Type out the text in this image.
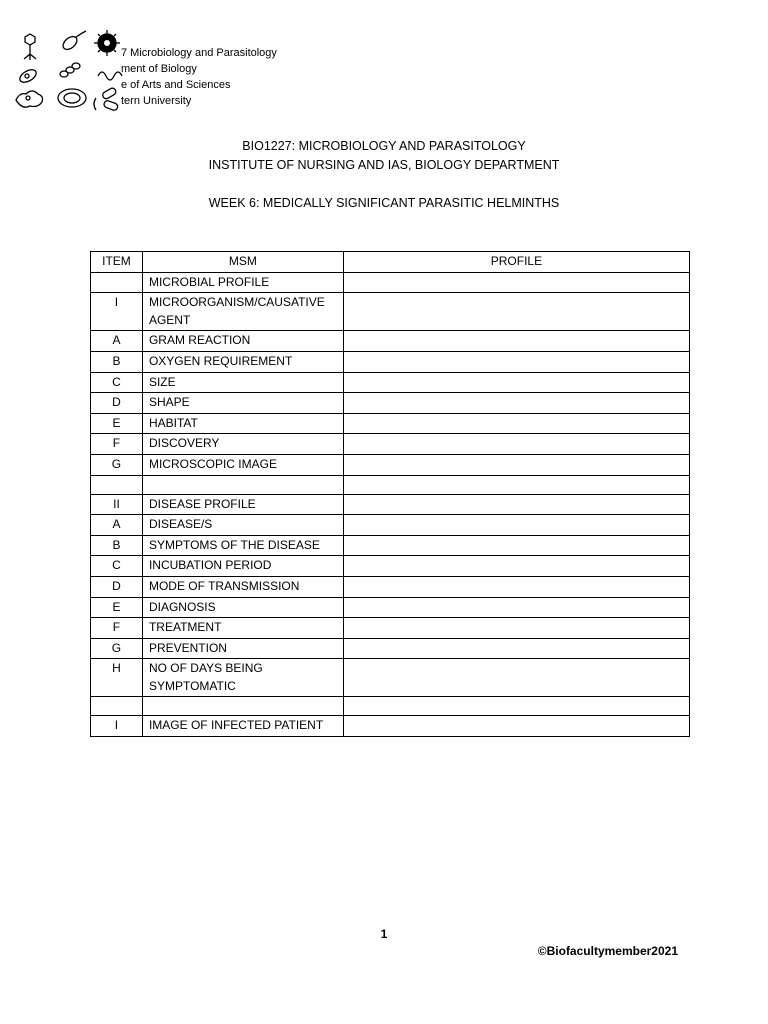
7 Microbiology and Parasitology
ment of Biology
e of Arts and Sciences
tern University
BIO1227: MICROBIOLOGY AND PARASITOLOGY
INSTITUTE OF NURSING AND IAS, BIOLOGY DEPARTMENT
WEEK 6: MEDICALLY SIGNIFICANT PARASITIC HELMINTHS
ITEM	MSM	PROFILE
	MICROBIAL PROFILE	
I	MICROORGANISM/CAUSATIVE AGENT	
A	GRAM REACTION	
B	OXYGEN REQUIREMENT	
C	SIZE	
D	SHAPE	
E	HABITAT	
F	DISCOVERY	
G	MICROSCOPIC IMAGE	

II	DISEASE PROFILE	
A	DISEASE/S	
B	SYMPTOMS OF THE DISEASE	
C	INCUBATION PERIOD	
D	MODE OF TRANSMISSION	
E	DIAGNOSIS	
F	TREATMENT	
G	PREVENTION	
H	NO OF DAYS BEING SYMPTOMATIC	

I	IMAGE OF INFECTED PATIENT	
1
©Biofacultymember2021
